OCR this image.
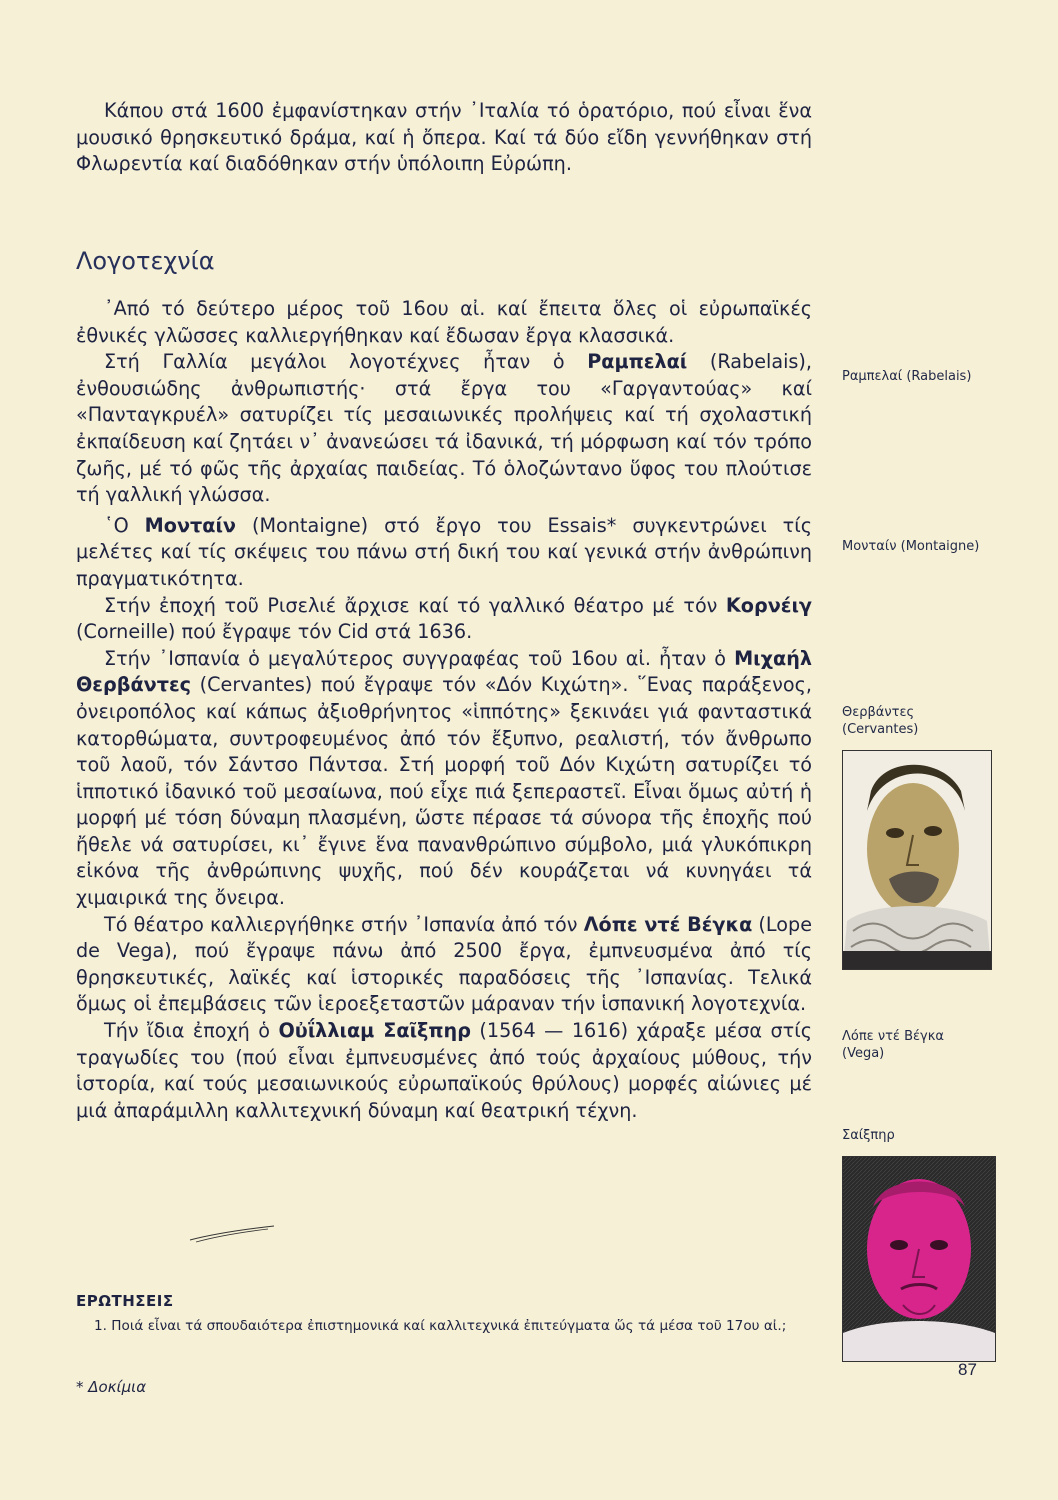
Κάπου στά 1600 ἐμφανίστηκαν στήν ᾿Ιταλία τό ὁρατόριο, πού εἶναι ἕνα μουσικό θρησκευτικό δράμα, καί ἡ ὄπερα. Καί τά δύο εἴδη γεννήθηκαν στή Φλωρεντία καί διαδόθηκαν στήν ὑπόλοιπη Εὐρώπη.

Λογοτεχνία

᾿Από τό δεύτερο μέρος τοῦ 16ου αἰ. καί ἔπειτα ὅλες οἱ εὐρωπαϊκές ἐθνικές γλῶσσες καλλιεργήθηκαν καί ἔδωσαν ἔργα κλασσικά.

Στή Γαλλία μεγάλοι λογοτέχνες ἦταν ὁ Ραμπελαί (Rabelais), ἐνθουσιώδης ἀνθρωπιστής· στά ἔργα του «Γαργαντούας» καί «Πανταγκρυέλ» σατυρίζει τίς μεσαιωνικές προλήψεις καί τή σχολαστική ἐκπαίδευση καί ζητάει ν᾿ ἀνανεώσει τά ἰδανικά, τή μόρφωση καί τόν τρόπο ζωῆς, μέ τό φῶς τῆς ἀρχαίας παιδείας. Τό ὁλοζώντανο ὕφος του πλούτισε τή γαλλική γλώσσα.

῾Ο Μονταίν (Montaigne) στό ἔργο του Essais* συγκεντρώνει τίς μελέτες καί τίς σκέψεις του πάνω στή δική του καί γενικά στήν ἀνθρώπινη πραγματικότητα.

Στήν ἐποχή τοῦ Ρισελιέ ἄρχισε καί τό γαλλικό θέατρο μέ τόν Κορνέιγ (Corneille) πού ἔγραψε τόν Cid στά 1636.

Στήν ᾿Ισπανία ὁ μεγαλύτερος συγγραφέας τοῦ 16ου αἰ. ἦταν ὁ Μιχαήλ Θερβάντες (Cervantes) πού ἔγραψε τόν «Δόν Κιχώτη». ῞Ενας παράξενος, ὀνειροπόλος καί κάπως ἀξιοθρήνητος «ἱππότης» ξεκινάει γιά φανταστικά κατορθώματα, συντροφευμένος ἀπό τόν ἔξυπνο, ρεαλιστή, τόν ἄνθρωπο τοῦ λαοῦ, τόν Σάντσο Πάντσα. Στή μορφή τοῦ Δόν Κιχώτη σατυρίζει τό ἱπποτικό ἰδανικό τοῦ μεσαίωνα, πού εἶχε πιά ξεπεραστεῖ. Εἶναι ὅμως αὐτή ἡ μορφή μέ τόση δύναμη πλασμένη, ὥστε πέρασε τά σύνορα τῆς ἐποχῆς πού ἤθελε νά σατυρίσει, κι᾿ ἔγινε ἕνα πανανθρώπινο σύμβολο, μιά γλυκόπικρη εἰκόνα τῆς ἀνθρώπινης ψυχῆς, πού δέν κουράζεται νά κυνηγάει τά χιμαιρικά της ὄνειρα.

Τό θέατρο καλλιεργήθηκε στήν ᾿Ισπανία ἀπό τόν Λόπε ντέ Βέγκα (Lope de Vega), πού ἔγραψε πάνω ἀπό 2500 ἔργα, ἐμπνευσμένα ἀπό τίς θρησκευτικές, λαϊκές καί ἱστορικές παραδόσεις τῆς ᾿Ισπανίας. Τελικά ὅμως οἱ ἐπεμβάσεις τῶν ἱεροεξεταστῶν μάραναν τήν ἱσπανική λογοτεχνία.

Τήν ἴδια ἐποχή ὁ Οὐΐλλιαμ Σαῖξπηρ (1564 — 1616) χάραξε μέσα στίς τραγωδίες του (πού εἶναι ἐμπνευσμένες ἀπό τούς ἀρχαίους μύθους, τήν ἱστορία, καί τούς μεσαιωνικούς εὐρωπαϊκούς θρύλους) μορφές αἰώνιες μέ μιά ἀπαράμιλλη καλλιτεχνική δύναμη καί θεατρική τέχνη.

Ραμπελαί (Rabelais)
Μονταίν (Montaigne)
Θερβάντες
(Cervantes)
Λόπε ντέ Βέγκα
(Vega)
Σαίξπηρ
ΕΡΩΤΗΣΕΙΣ
1. Ποιά εἶναι τά σπουδαιότερα ἐπιστημονικά καί καλλιτεχνικά ἐπιτεύγματα ὥς τά μέσα τοῦ 17ου αἰ.;
* Δοκίμια
87
